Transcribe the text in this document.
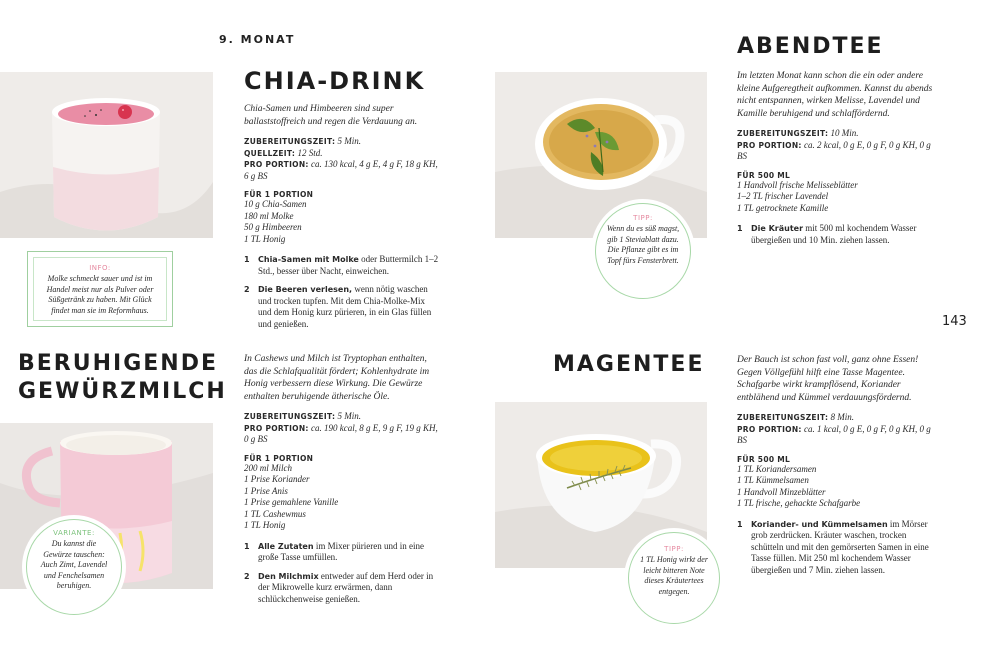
9. MONAT
INFO:
Molke schmeckt sauer und ist im Handel meist nur als Pulver oder Süßgetränk zu haben. Mit Glück findet man sie im Reformhaus.
CHIA-DRINK
Chia-Samen und Himbeeren sind super ballaststoffreich und regen die Verdauung an.
ZUBEREITUNGSZEIT: 5 Min.
QUELLZEIT: 12 Std.
PRO PORTION: ca. 130 kcal, 4 g E, 4 g F, 18 g KH, 6 g BS
FÜR 1 PORTION
10 g Chia-Samen
180 ml Molke
50 g Himbeeren
1 TL Honig
1 Chia-Samen mit Molke oder Buttermilch 1–2 Std., besser über Nacht, einweichen.
2 Die Beeren verlesen, wenn nötig waschen und trocken tupfen. Mit dem Chia-Molke-Mix und dem Honig kurz pürieren, in ein Glas füllen und genießen.
BERUHIGENDE
GEWÜRZMILCH
VARIANTE:
Du kannst die Gewürze tauschen: Auch Zimt, Lavendel und Fenchelsamen beruhigen.
In Cashews und Milch ist Tryptophan enthalten, das die Schlafqualität fördert; Kohlenhydrate im Honig verbessern diese Wirkung. Die Gewürze enthalten beruhigende ätherische Öle.
ZUBEREITUNGSZEIT: 5 Min.
PRO PORTION: ca. 190 kcal, 8 g E, 9 g F, 19 g KH, 0 g BS
FÜR 1 PORTION
200 ml Milch
1 Prise Koriander
1 Prise Anis
1 Prise gemahlene Vanille
1 TL Cashewmus
1 TL Honig
1 Alle Zutaten im Mixer pürieren und in eine große Tasse umfüllen.
2 Den Milchmix entweder auf dem Herd oder in der Mikrowelle kurz erwärmen, dann schlückchenweise genießen.
ABENDTEE
TIPP:
Wenn du es süß magst, gib 1 Steviablatt dazu. Die Pflanze gibt es im Topf fürs Fensterbrett.
Im letzten Monat kann schon die ein oder andere kleine Aufgeregtheit aufkommen. Kannst du abends nicht entspannen, wirken Melisse, Lavendel und Kamille beruhigend und schlaffördernd.
ZUBEREITUNGSZEIT: 10 Min.
PRO PORTION: ca. 2 kcal, 0 g E, 0 g F, 0 g KH, 0 g BS
FÜR 500 ML
1 Handvoll frische Melisseblätter
1–2 TL frischer Lavendel
1 TL getrocknete Kamille
1 Die Kräuter mit 500 ml kochendem Wasser übergießen und 10 Min. ziehen lassen.
143
MAGENTEE
TIPP:
1 TL Honig wirkt der leicht bitteren Note dieses Kräutertees entgegen.
Der Bauch ist schon fast voll, ganz ohne Essen! Gegen Völlgefühl hilft eine Tasse Magentee. Schafgarbe wirkt krampflösend, Koriander entblähend und Kümmel verdauungsfördernd.
ZUBEREITUNGSZEIT: 8 Min.
PRO PORTION: ca. 1 kcal, 0 g E, 0 g F, 0 g KH, 0 g BS
FÜR 500 ML
1 TL Koriandersamen
1 TL Kümmelsamen
1 Handvoll Minzeblätter
1 TL frische, gehackte Schafgarbe
1 Koriander- und Kümmelsamen im Mörser grob zerdrücken. Kräuter waschen, trocken schütteln und mit den gemörserten Samen in eine Tasse füllen. Mit 250 ml kochendem Wasser übergießen und 7 Min. ziehen lassen.
